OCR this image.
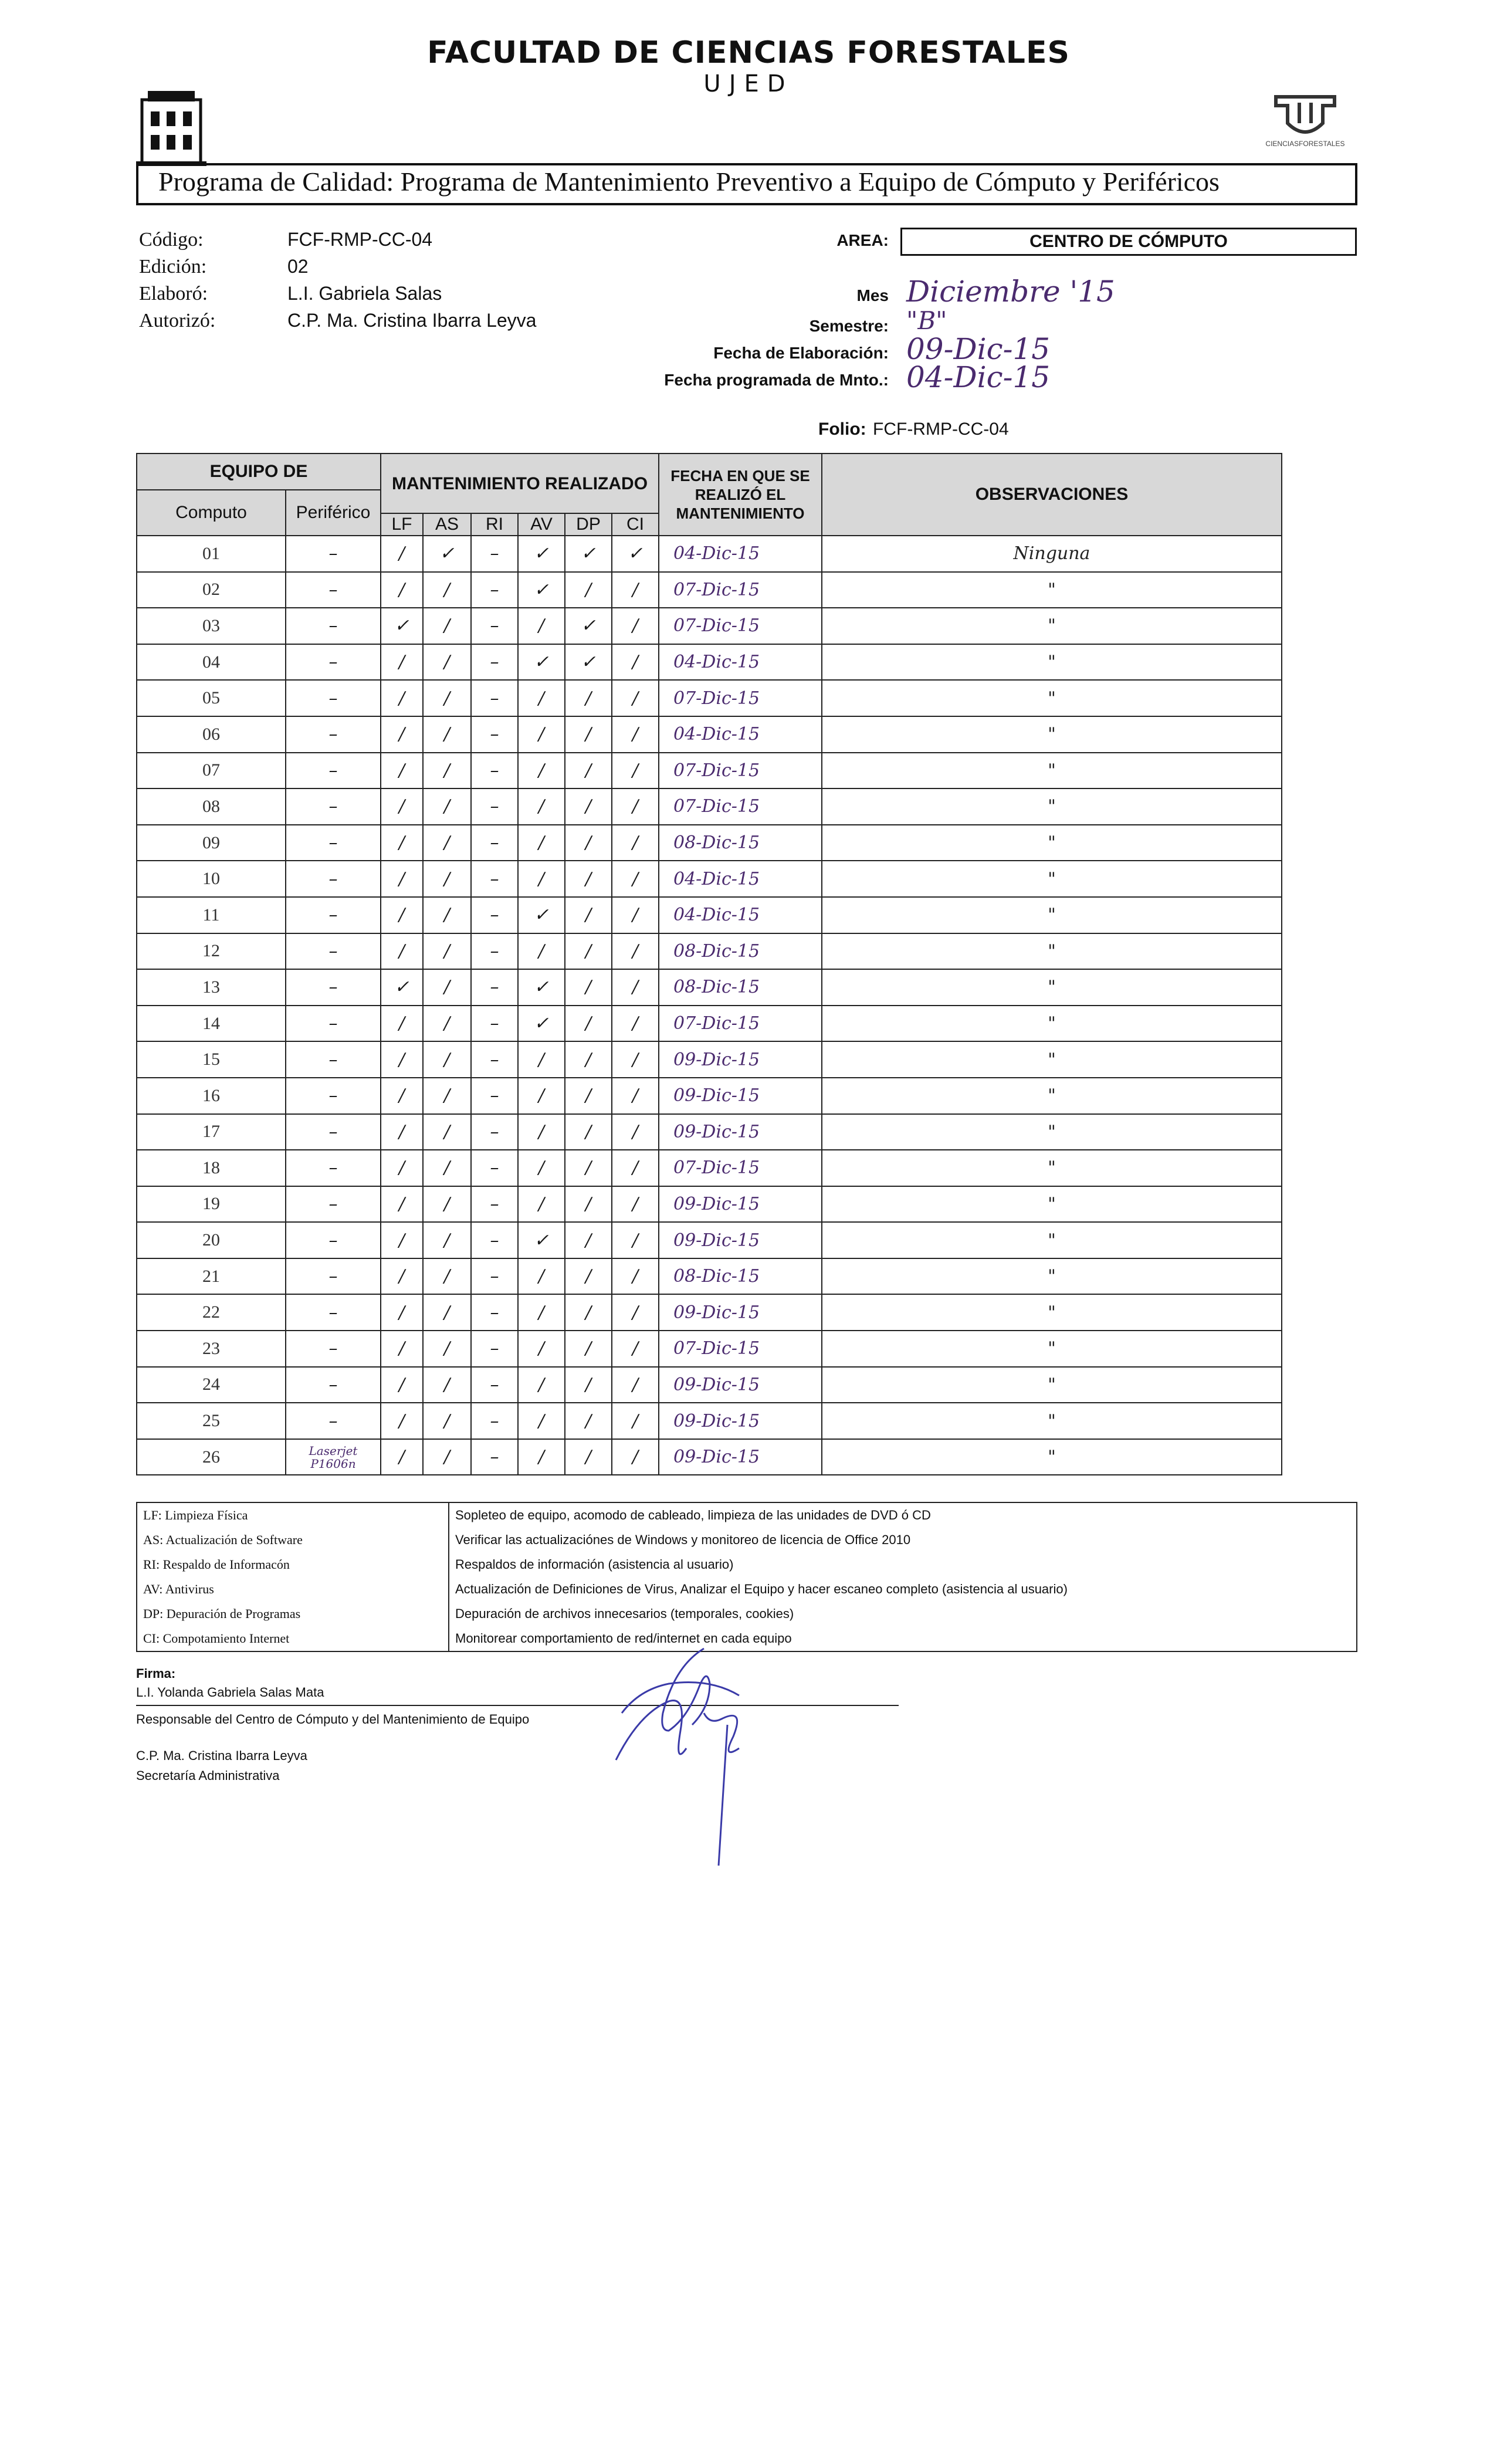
FACULTAD DE CIENCIAS FORESTALES
UJED
CIENCIASFORESTALES
Programa de Calidad: Programa de Mantenimiento Preventivo a Equipo de Cómputo y Periféricos
Código:	FCF-RMP-CC-04
Edición:	02
Elaboró:	L.I. Gabriela Salas
Autorizó:	C.P. Ma. Cristina Ibarra Leyva
AREA:	CENTRO DE CÓMPUTO
Mes Diciembre '15
Semestre: "B"
Fecha de Elaboración: 09-Dic-15
Fecha programada de Mnto.: 04-Dic-15
Folio: FCF-RMP-CC-04
EQUIPO DE		MANTENIMIENTO REALIZADO						FECHA EN QUE SE REALIZÓ EL MANTENIMIENTO	OBSERVACIONES
Computo	Periférico								
		LF	AS	RI	AV	DP	CI		
01	–	/	✓	–	✓	✓	✓	04-Dic-15	Ninguna
02	–	/	/	–	✓	/	/	07-Dic-15	"
03	–	✓	/	–	/	✓	/	07-Dic-15	"
04	–	/	/	–	✓	✓	/	04-Dic-15	"
05	–	/	/	–	/	/	/	07-Dic-15	"
06	–	/	/	–	/	/	/	04-Dic-15	"
07	–	/	/	–	/	/	/	07-Dic-15	"
08	–	/	/	–	/	/	/	07-Dic-15	"
09	–	/	/	–	/	/	/	08-Dic-15	"
10	–	/	/	–	/	/	/	04-Dic-15	"
11	–	/	/	–	✓	/	/	04-Dic-15	"
12	–	/	/	–	/	/	/	08-Dic-15	"
13	–	✓	/	–	✓	/	/	08-Dic-15	"
14	–	/	/	–	✓	/	/	07-Dic-15	"
15	–	/	/	–	/	/	/	09-Dic-15	"
16	–	/	/	–	/	/	/	09-Dic-15	"
17	–	/	/	–	/	/	/	09-Dic-15	"
18	–	/	/	–	/	/	/	07-Dic-15	"
19	–	/	/	–	/	/	/	09-Dic-15	"
20	–	/	/	–	✓	/	/	09-Dic-15	"
21	–	/	/	–	/	/	/	08-Dic-15	"
22	–	/	/	–	/	/	/	09-Dic-15	"
23	–	/	/	–	/	/	/	07-Dic-15	"
24	–	/	/	–	/	/	/	09-Dic-15	"
25	–	/	/	–	/	/	/	09-Dic-15	"
26	Laserjet P1606n	/	/	–	/	/	/	09-Dic-15	"
LF: Limpieza Física	Sopleteo de equipo, acomodo de cableado, limpieza de las unidades de DVD ó CD
AS: Actualización de Software	Verificar las actualizaciónes de Windows y monitoreo de licencia de Office 2010
RI: Respaldo de Informacón	Respaldos de información (asistencia al usuario)
AV: Antivirus	Actualización de Definiciones de Virus, Analizar el Equipo y hacer escaneo completo (asistencia al usuario)
DP: Depuración de Programas	Depuración de archivos innecesarios (temporales, cookies)
CI: Compotamiento Internet	Monitorear comportamiento de red/internet en cada equipo
Firma:
L.I. Yolanda Gabriela Salas Mata
Responsable del Centro de Cómputo y del Mantenimiento de Equipo
C.P. Ma. Cristina Ibarra Leyva
Secretaría Administrativa
